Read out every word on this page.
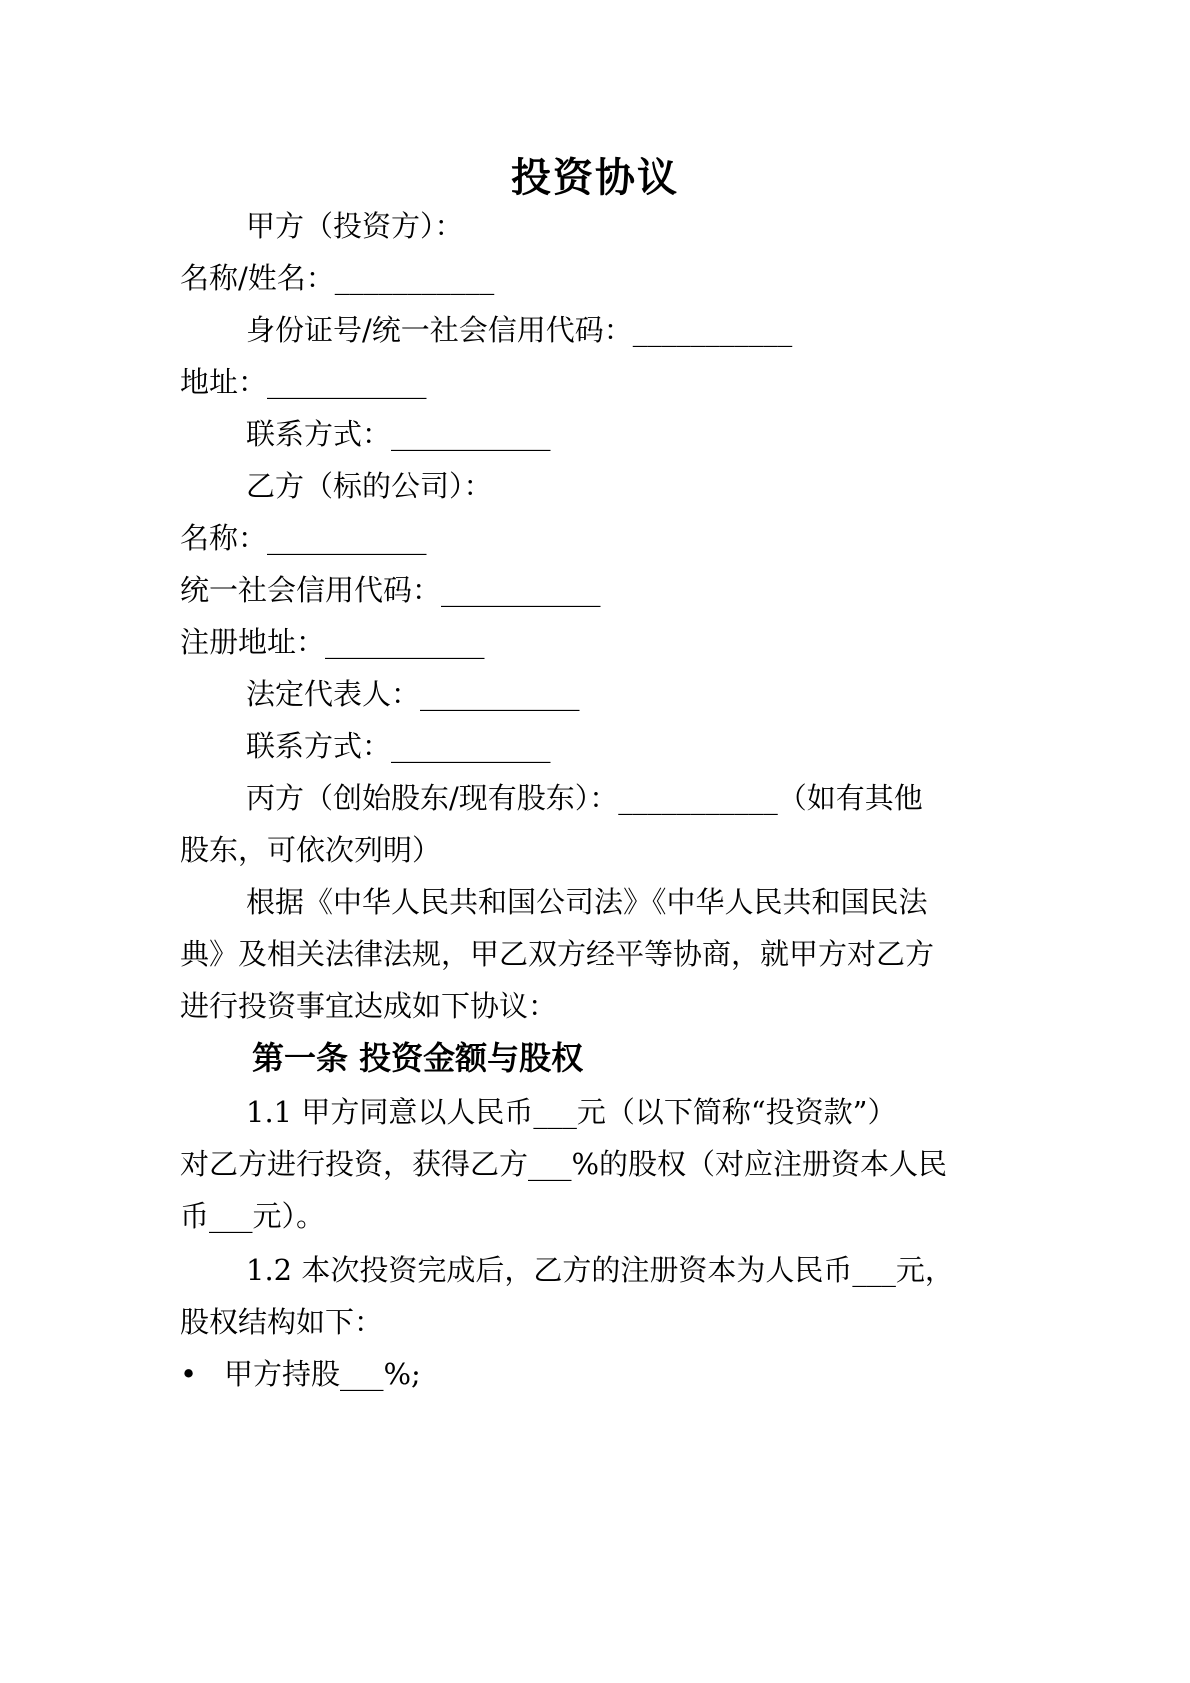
投资协议
甲方（投资方）：
名称/姓名：___________
身份证号/统一社会信用代码：___________
地址：___________
联系方式：___________
乙方（标的公司）：
名称：___________
统一社会信用代码：___________
注册地址：___________
法定代表人：___________
联系方式：___________
丙方（创始股东/现有股东）：___________（如有其他
股东，可依次列明）
根据《中华人民共和国公司法》《中华人民共和国民法
典》及相关法律法规，甲乙双方经平等协商，就甲方对乙方
进行投资事宜达成如下协议：
第一条 投资金额与股权
1.1 甲方同意以人民币___元（以下简称“投资款”）
对乙方进行投资，获得乙方___%的股权（对应注册资本人民
币___元）。
1.2 本次投资完成后，乙方的注册资本为人民币___元，
股权结构如下：
• 甲方持股___%;
